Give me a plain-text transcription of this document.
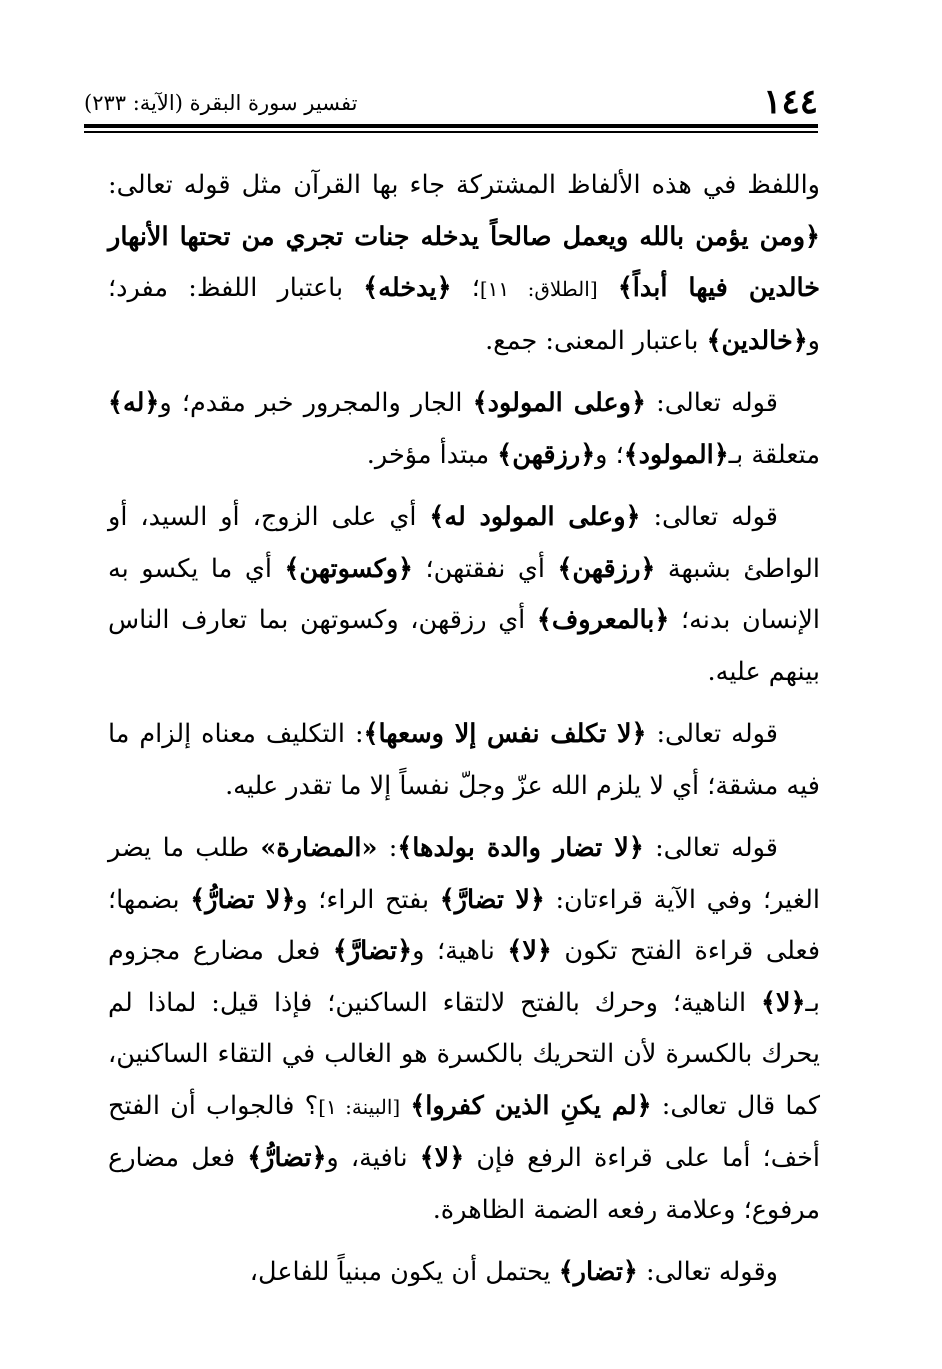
١٤٤
تفسير سورة البقرة (الآية: ٢٣٣)

واللفظ في هذه الألفاظ المشتركة جاء بها القرآن مثل قوله تعالى: ﴿ومن يؤمن بالله ويعمل صالحاً يدخله جنات تجري من تحتها الأنهار خالدين فيها أبداً﴾ [الطلاق: ١١]؛ ﴿يدخله﴾ باعتبار اللفظ: مفرد؛ و﴿خالدين﴾ باعتبار المعنى: جمع.

قوله تعالى: ﴿وعلى المولود﴾ الجار والمجرور خبر مقدم؛ و﴿له﴾ متعلقة بـ﴿المولود﴾؛ و﴿رزقهن﴾ مبتدأ مؤخر.

قوله تعالى: ﴿وعلى المولود له﴾ أي على الزوج، أو السيد، أو الواطئ بشبهة ﴿رزقهن﴾ أي نفقتهن؛ ﴿وكسوتهن﴾ أي ما يكسو به الإنسان بدنه؛ ﴿بالمعروف﴾ أي رزقهن، وكسوتهن بما تعارف الناس بينهم عليه.

قوله تعالى: ﴿لا تكلف نفس إلا وسعها﴾: التكليف معناه إلزام ما فيه مشقة؛ أي لا يلزم الله عزّ وجلّ نفساً إلا ما تقدر عليه.

قوله تعالى: ﴿لا تضار والدة بولدها﴾: «المضارة» طلب ما يضر الغير؛ وفي الآية قراءتان: ﴿لا تضارَّ﴾ بفتح الراء؛ و﴿لا تضارُّ﴾ بضمها؛ فعلى قراءة الفتح تكون ﴿لا﴾ ناهية؛ و﴿تضارَّ﴾ فعل مضارع مجزوم بـ﴿لا﴾ الناهية؛ وحرك بالفتح لالتقاء الساكنين؛ فإذا قيل: لماذا لم يحرك بالكسرة لأن التحريك بالكسرة هو الغالب في التقاء الساكنين، كما قال تعالى: ﴿لم يكنِ الذين كفروا﴾ [البينة: ١]؟ فالجواب أن الفتح أخف؛ أما على قراءة الرفع فإن ﴿لا﴾ نافية، و﴿تضارُّ﴾ فعل مضارع مرفوع؛ وعلامة رفعه الضمة الظاهرة.

وقوله تعالى: ﴿تضار﴾ يحتمل أن يكون مبنياً للفاعل،
